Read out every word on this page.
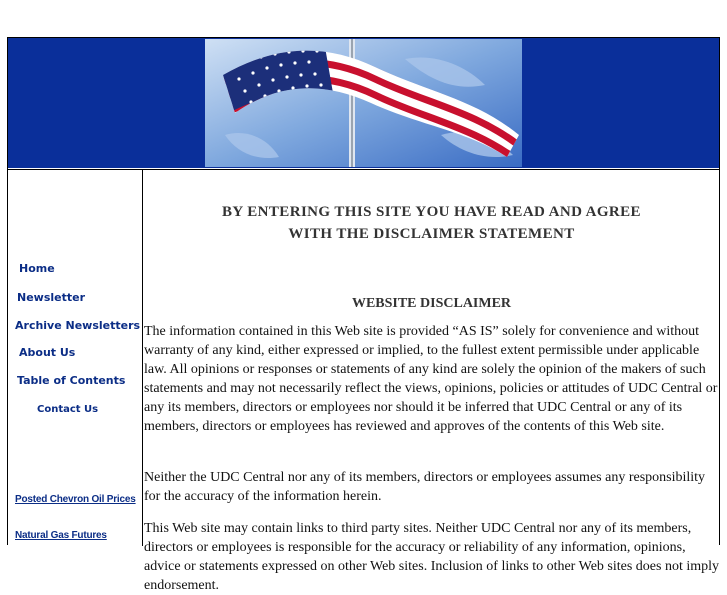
Home
Newsletter
Archive Newsletters
About Us
Table of Contents
Contact Us
Posted Chevron Oil Prices
Natural Gas Futures
BY ENTERING THIS SITE YOU HAVE READ AND AGREE
WITH THE DISCLAIMER STATEMENT
WEBSITE DISCLAIMER

The information contained in this Web site is provided “AS IS” solely for convenience and without warranty of any kind, either expressed or implied, to the fullest extent permissible under applicable law. All opinions or responses or statements of any kind are solely the opinion of the makers of such statements and may not necessarily reflect the views, opinions, policies or attitudes of UDC Central or any its members, directors or employees nor should it be inferred that UDC Central or any of its members, directors or employees has reviewed and approves of the contents of this Web site.

Neither the UDC Central nor any of its members, directors or employees assumes any responsibility for the accuracy of the information herein.

This Web site may contain links to third party sites. Neither UDC Central nor any of its members, directors or employees is responsible for the accuracy or reliability of any information, opinions, advice or statements expressed on other Web sites. Inclusion of links to other Web sites does not imply endorsement.
